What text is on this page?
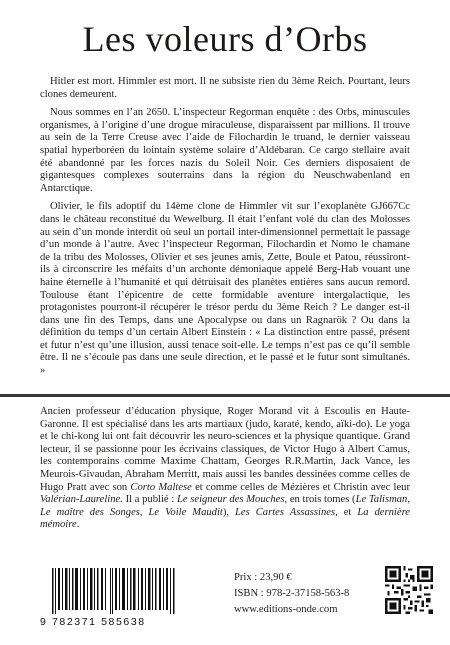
Les voleurs d’Orbs

Hitler est mort. Himmler est mort. Il ne subsiste rien du 3ème Reich. Pourtant, leurs clones demeurent.

Nous sommes en l’an 2650. L’inspecteur Regorman enquête : des Orbs, minuscules organismes, à l’origine d’une drogue miraculeuse, disparaissent par millions. Il trouve au sein de la Terre Creuse avec l’aide de Filochardin le truand, le dernier vaisseau spatial hyperboréen du lointain système solaire d’Aldébaran. Ce cargo stellaire avait été abandonné par les forces nazis du Soleil Noir. Ces derniers disposaient de gigantesques complexes souterrains dans la région du Neuschwabenland en Antarctique.

Olivier, le fils adoptif du 14ème clone de Himmler vit sur l’exoplanète GJ667Cc dans le château reconstitué du Wewelburg. Il était l’enfant volé du clan des Molosses au sein d’un monde interdit où seul un portail inter-dimensionnel permettait le passage d’un monde à l’autre. Avec l’inspecteur Regorman, Filochardin et Nomo le chamane de la tribu des Molosses, Olivier et ses jeunes amis, Zette, Boule et Patou, réussiront-ils à circonscrire les méfaits d’un archonte démoniaque appelé Berg-Hab vouant une haine éternelle à l’humanité et qui détruisait des planètes entières sans aucun remord. Toulouse étant l’épicentre de cette formidable aventure intergalactique, les protagonistes pourront-il récupérer le trésor perdu du 3ème Reich ? Le danger est-il dans une fin des Temps, dans une Apocalypse ou dans un Ragnarök ? Ou dans la définition du temps d’un certain Albert Einstein : « La distinction entre passé, présent et futur n’est qu’une illusion, aussi tenace soit-elle. Le temps n’est pas ce qu’il semble être. Il ne s’écoule pas dans une seule direction, et le passé et le futur sont simultanés. »

Ancien professeur d’éducation physique, Roger Morand vit à Escoulis en Haute-Garonne. Il est spécialisé dans les arts martiaux (judo, karaté, kendo, aïki-do). Le yoga et le chi-kong lui ont fait découvrir les neuro-sciences et la physique quantique. Grand lecteur, il se passionne pour les écrivains classiques, de Victor Hugo à Albert Camus, les contemporains comme Maxime Chattam, Georges R.R.Martin, Jack Vance, les Meurois-Givaudan, Abraham Merritt, mais aussi les bandes dessinées comme celles de Hugo Pratt avec son Corto Maltese et comme celles de Mézières et Christin avec leur Valérian-Laureline. Il a publié : Le seigneur des Mouches, en trois tomes (Le Talisman, Le maître des Songes, Le Voile Maudit), Les Cartes Assassines, et La dernière mémoire.

9 782371 585638
Prix : 23,90 €
ISBN : 978-2-37158-563-8
www.editions-onde.com
